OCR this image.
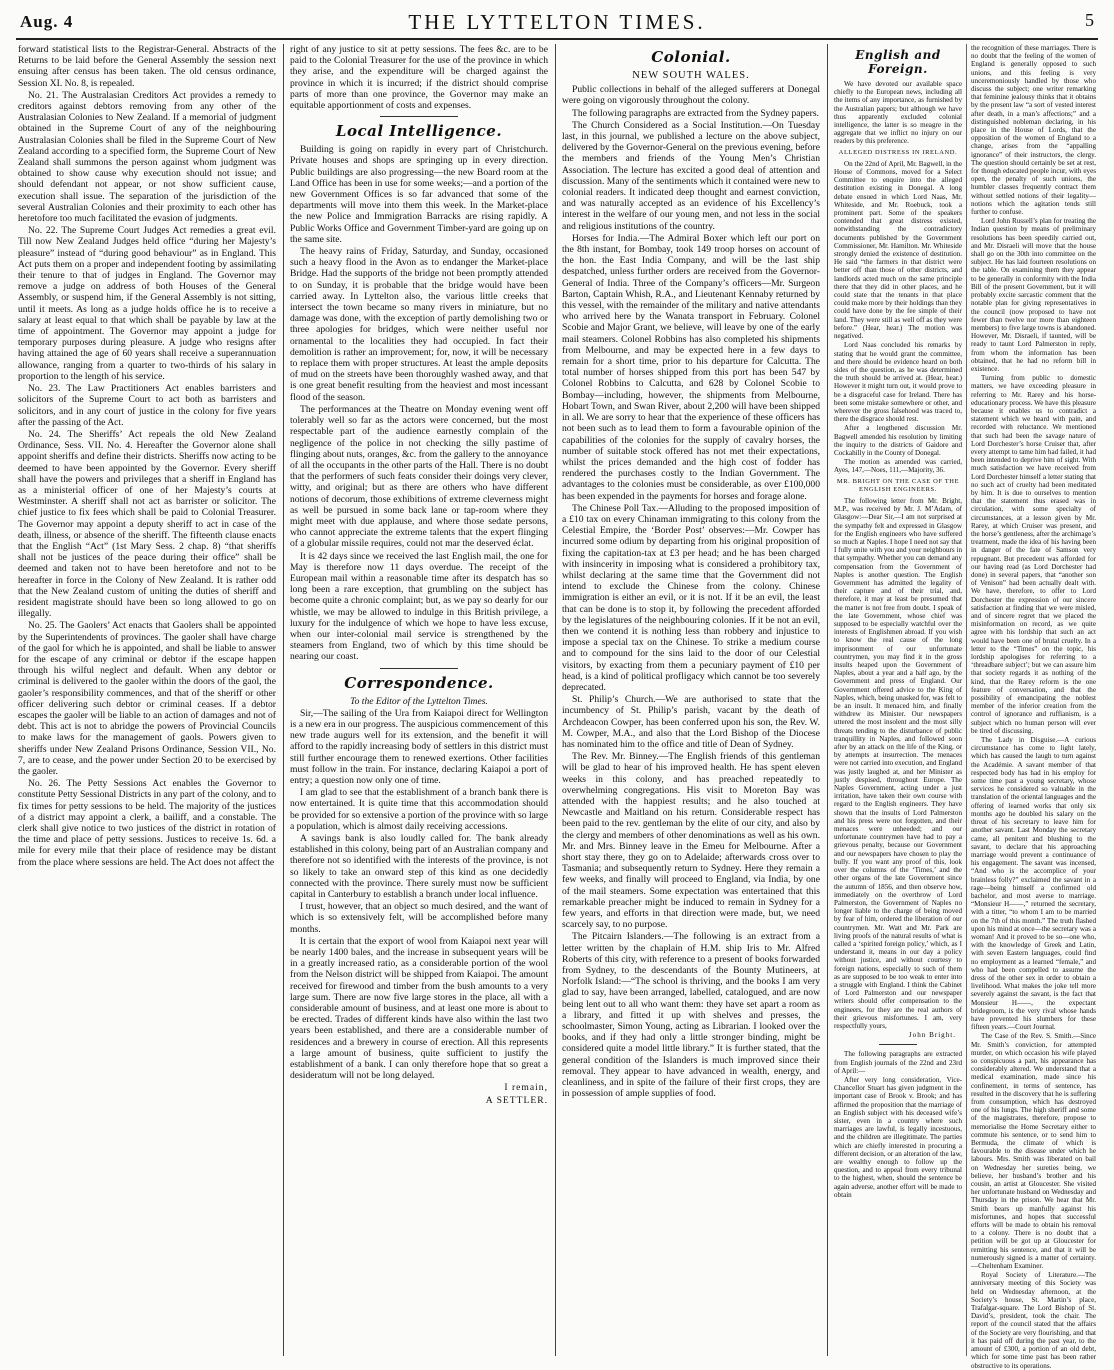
Aug. 4	THE LYTTELTON TIMES.	5

forward statistical lists to the Registrar-General. Abstracts of the Returns to be laid before the General Assembly the session next ensuing after census has been taken. The old census ordinance, Session XI. No. 8, is repealed.

No. 21. The Australasian Creditors Act provides a remedy to creditors against debtors removing from any other of the Australasian Colonies to New Zealand. If a memorial of judgment obtained in the Supreme Court of any of the neighbouring Australasian Colonies shall be filed in the Supreme Court of New Zealand according to a specified form, the Supreme Court of New Zealand shall summons the person against whom judgment was obtained to show cause why execution should not issue; and should defendant not appear, or not show sufficient cause, execution shall issue. The separation of the jurisdiction of the several Australian Colonies and their proximity to each other has heretofore too much facilitated the evasion of judgments.

No. 22. The Supreme Court Judges Act remedies a great evil. Till now New Zealand Judges held office “during her Majesty’s pleasure” instead of “during good behaviour” as in England. This Act puts them on a proper and independent footing by assimilating their tenure to that of judges in England. The Governor may remove a judge on address of both Houses of the General Assembly, or suspend him, if the General Assembly is not sitting, until it meets. As long as a judge holds office he is to receive a salary at least equal to that which shall be payable by law at the time of appointment. The Governor may appoint a judge for temporary purposes during pleasure. A judge who resigns after having attained the age of 60 years shall receive a superannuation allowance, ranging from a quarter to two-thirds of his salary in proportion to the length of his service.

No. 23. The Law Practitioners Act enables barristers and solicitors of the Supreme Court to act both as barristers and solicitors, and in any court of justice in the colony for five years after the passing of the Act.

No. 24. The Sheriffs’ Act repeals the old New Zealand Ordinance, Sess. VII. No. 4. Hereafter the Governor alone shall appoint sheriffs and define their districts. Sheriffs now acting to be deemed to have been appointed by the Governor. Every sheriff shall have the powers and privileges that a sheriff in England has as a ministerial officer of one of her Majesty’s courts at Westminster. A sheriff shall not act as barrister or solicitor. The chief justice to fix fees which shall be paid to Colonial Treasurer. The Governor may appoint a deputy sheriff to act in case of the death, illness, or absence of the sheriff. The fifteenth clause enacts that the English “Act” (1st Mary Sess. 2 chap. 8) “that sheriffs shall not be justices of the peace during their office” shall be deemed and taken not to have been heretofore and not to be hereafter in force in the Colony of New Zealand. It is rather odd that the New Zealand custom of uniting the duties of sheriff and resident magistrate should have been so long allowed to go on illegally.

No. 25. The Gaolers’ Act enacts that Gaolers shall be appointed by the Superintendents of provinces. The gaoler shall have charge of the gaol for which he is appointed, and shall be liable to answer for the escape of any criminal or debtor if the escape happen through his wilful neglect and default. When any debtor or criminal is delivered to the gaoler within the doors of the gaol, the gaoler’s responsibility commences, and that of the sheriff or other officer delivering such debtor or criminal ceases. If a debtor escapes the gaoler will be liable to an action of damages and not of debt. This act is not to abridge the powers of Provincial Councils to make laws for the management of gaols. Powers given to sheriffs under New Zealand Prisons Ordinance, Session VII., No. 7, are to cease, and the power under Section 20 to be exercised by the gaoler.

No. 26. The Petty Sessions Act enables the Governor to constitute Petty Sessional Districts in any part of the colony, and to fix times for petty sessions to be held. The majority of the justices of a district may appoint a clerk, a bailiff, and a constable. The clerk shall give notice to two justices of the district in rotation of the time and place of petty sessions. Justices to receive 1s. 6d. a mile for every mile that their place of residence may be distant from the place where sessions are held. The Act does not affect the

right of any justice to sit at petty sessions. The fees &c. are to be paid to the Colonial Treasurer for the use of the province in which they arise, and the expenditure will be charged against the province in which it is incurred; if the district should comprise parts of more than one province, the Governor may make an equitable apportionment of costs and expenses.

Local Intelligence.

Building is going on rapidly in every part of Christchurch. Private houses and shops are springing up in every direction. Public buildings are also progressing—the new Board room at the Land Office has been in use for some weeks;—and a portion of the new Government Offices is so far advanced that some of the departments will move into them this week. In the Market-place the new Police and Immigration Barracks are rising rapidly. A Public Works Office and Government Timber-yard are going up on the same site.

The heavy rains of Friday, Saturday, and Sunday, occasioned such a heavy flood in the Avon as to endanger the Market-place Bridge. Had the supports of the bridge not been promptly attended to on Sunday, it is probable that the bridge would have been carried away. In Lyttelton also, the various little creeks that intersect the town became so many rivers in miniature, but no damage was done, with the exception of partly demolishing two or three apologies for bridges, which were neither useful nor ornamental to the localities they had occupied. In fact their demolition is rather an improvement; for, now, it will be necessary to replace them with proper structures. At least the ample deposits of mud on the streets have been thoroughly washed away, and that is one great benefit resulting from the heaviest and most incessant flood of the season.

The performances at the Theatre on Monday evening went off tolerably well so far as the actors were concerned, but the most respectable part of the audience earnestly complain of the negligence of the police in not checking the silly pastime of flinging about nuts, oranges, &c. from the gallery to the annoyance of all the occupants in the other parts of the Hall. There is no doubt that the performers of such feats consider their doings very clever, witty, and original; but as there are others who have different notions of decorum, those exhibitions of extreme cleverness might as well be pursued in some back lane or tap-room where they might meet with due applause, and where those sedate persons, who cannot appreciate the extreme talents that the expert flinging of a globular missile requires, could not mar the deserved éclat.

It is 42 days since we received the last English mail, the one for May is therefore now 11 days overdue. The receipt of the European mail within a reasonable time after its despatch has so long been a rare exception, that grumbling on the subject has become quite a chronic complaint; but, as we pay so dearly for our whistle, we may be allowed to indulge in this British privilege, a luxury for the indulgence of which we hope to have less excuse, when our inter-colonial mail service is strengthened by the steamers from England, two of which by this time should be nearing our coast.

Correspondence.

To the Editor of the Lyttelton Times.

Sir,—The sailing of the Ura from Kaiapoi direct for Wellington is a new era in our progress. The auspicious commencement of this new trade augurs well for its extension, and the benefit it will afford to the rapidly increasing body of settlers in this district must still further encourage them to renewed exertions. Other facilities must follow in the train. For instance, declaring Kaiapoi a port of entry; a question now only one of time.

I am glad to see that the establishment of a branch bank there is now entertained. It is quite time that this accommodation should be provided for so extensive a portion of the province with so large a population, which is almost daily receiving accessions.

A savings bank is also loudly called for. The bank already established in this colony, being part of an Australian company and therefore not so identified with the interests of the province, is not so likely to take an onward step of this kind as one decidedly connected with the province. There surely must now be sufficient capital in Canterbury to establish a branch under local influence.

I trust, however, that an object so much desired, and the want of which is so extensively felt, will be accomplished before many months.

It is certain that the export of wool from Kaiapoi next year will be nearly 1400 bales, and the increase in subsequent years will be in a greatly increased ratio, as a considerable portion of the wool from the Nelson district will be shipped from Kaiapoi. The amount received for firewood and timber from the bush amounts to a very large sum. There are now five large stores in the place, all with a considerable amount of business, and at least one more is about to be erected. Trades of different kinds have also within the last two years been established, and there are a considerable number of residences and a brewery in course of erection. All this represents a large amount of business, quite sufficient to justify the establishment of a bank. I can only therefore hope that so great a desideratum will not be long delayed.

I remain,

A SETTLER.

Colonial.
NEW SOUTH WALES.

Public collections in behalf of the alleged sufferers at Donegal were going on vigorously throughout the colony.

The following paragraphs are extracted from the Sydney papers.

The Church Considered as a Social Institution.—On Tuesday last, in this journal, we published a lecture on the above subject, delivered by the Governor-General on the previous evening, before the members and friends of the Young Men’s Christian Association. The lecture has excited a good deal of attention and discussion. Many of the sentiments which it contained were new to colonial readers. It indicated deep thought and earnest conviction, and was naturally accepted as an evidence of his Excellency’s interest in the welfare of our young men, and not less in the social and religious institutions of the country.

Horses for India.—The Admiral Boxer which left our port on the 8th instant, for Bombay, took 149 troop horses on account of the hon. the East India Company, and will be the last ship despatched, unless further orders are received from the Governor-General of India. Three of the Company’s officers—Mr. Surgeon Barton, Captain Whish, R.A., and Lieutenant Kennaby returned by this vessel, with the remainder of the military and native attendants who arrived here by the Wanata transport in February. Colonel Scobie and Major Grant, we believe, will leave by one of the early mail steamers. Colonel Robbins has also completed his shipments from Melbourne, and may be expected here in a few days to remain for a short time, prior to his departure for Calcutta. The total number of horses shipped from this port has been 547 by Colonel Robbins to Calcutta, and 628 by Colonel Scobie to Bombay—including, however, the shipments from Melbourne, Hobart Town, and Swan River, about 2,200 will have been shipped in all. We are sorry to hear that the experience of these officers has not been such as to lead them to form a favourable opinion of the capabilities of the colonies for the supply of cavalry horses, the number of suitable stock offered has not met their expectations, whilst the prices demanded and the high cost of fodder has rendered the purchases costly to the Indian Government. The advantages to the colonies must be considerable, as over £100,000 has been expended in the payments for horses and forage alone.

The Chinese Poll Tax.—Alluding to the proposed imposition of a £10 tax on every Chinaman immigrating to this colony from the Celestial Empire, the ‘Border Post’ observes:—Mr. Cowper has incurred some odium by departing from his original proposition of fixing the capitation-tax at £3 per head; and he has been charged with insincerity in imposing what is considered a prohibitory tax, whilst declaring at the same time that the Government did not intend to exclude the Chinese from the colony. Chinese immigration is either an evil, or it is not. If it be an evil, the least that can be done is to stop it, by following the precedent afforded by the legislatures of the neighbouring colonies. If it be not an evil, then we contend it is nothing less than robbery and injustice to impose a special tax on the Chinese. To strike a medium course and to compound for the sins laid to the door of our Celestial visitors, by exacting from them a pecuniary payment of £10 per head, is a kind of political profligacy which cannot be too severely deprecated.

St. Philip’s Church.—We are authorised to state that the incumbency of St. Philip’s parish, vacant by the death of Archdeacon Cowper, has been conferred upon his son, the Rev. W. M. Cowper, M.A., and also that the Lord Bishop of the Diocese has nominated him to the office and title of Dean of Sydney.

The Rev. Mr. Binney.—The English friends of this gentleman will be glad to hear of his improved health. He has spent eleven weeks in this colony, and has preached repeatedly to overwhelming congregations. His visit to Moreton Bay was attended with the happiest results; and he also touched at Newcastle and Maitland on his return. Considerable respect has been paid to the rev. gentleman by the elite of our city, and also by the clergy and members of other denominations as well as his own. Mr. and Mrs. Binney leave in the Emeu for Melbourne. After a short stay there, they go on to Adelaide; afterwards cross over to Tasmania; and subsequently return to Sydney. Here they remain a few weeks, and finally will proceed to England, via India, by one of the mail steamers. Some expectation was entertained that this remarkable preacher might be induced to remain in Sydney for a few years, and efforts in that direction were made, but, we need scarcely say, to no purpose.

The Pitcairn Islanders.—The following is an extract from a letter written by the chaplain of H.M. ship Iris to Mr. Alfred Roberts of this city, with reference to a present of books forwarded from Sydney, to the descendants of the Bounty Mutineers, at Norfolk Island:—“The school is thriving, and the books I am very glad to say, have been arranged, labelled, catalogued, and are now being lent out to all who want them: they have set apart a room as a library, and fitted it up with shelves and presses, the schoolmaster, Simon Young, acting as Librarian. I looked over the books, and if they had only a little stronger binding, might be considered quite a model little library.” It is further stated, that the general condition of the Islanders is much improved since their removal. They appear to have advanced in wealth, energy, and cleanliness, and in spite of the failure of their first crops, they are in possession of ample supplies of food.

English and Foreign.

We have devoted our available space chiefly to the European news, including all the items of any importance, as furnished by the Australian papers; but although we have thus apparently excluded colonial intelligence, the latter is so meagre in the aggregate that we inflict no injury on our readers by this preference.

ALLEGED DISTRESS IN IRELAND.

On the 22nd of April, Mr. Bagwell, in the House of Commons, moved for a Select Committee to enquire into the alleged destitution existing in Donegal. A long debate ensued in which Lord Naas, Mr. Whiteside, and Mr. Roebuck, took a prominent part. Some of the speakers contended that great distress existed, notwithstanding the contradictory documents published by the Government Commissioner, Mr. Hamilton. Mr. Whiteside strongly denied the existence of destitution. He said “the farmers in that district were better off than those of other districts, and landlords acted much on the same principle there that they did in other places, and he could state that the tenants in that place could make more by their holdings than they could have done by the fee simple of their land. They were still as well off as they were before.” (Hear, hear.) The motion was negatived.

Lord Naas concluded his remarks by stating that he would grant the committee, and there should be evidence heard on both sides of the question, as he was determined the truth should be arrived at. (Hear, hear.) However it might turn out, it would prove to be a disgraceful case for Ireland. There has been some mistake somewhere or other, and wherever the gross falsehood was traced to, there the disgrace should rest.

After a lengthened discussion Mr. Bagwell amended his resolution by limiting the inquiry to the districts of Gaidore and Cockahilly in the County of Donegal.

The motion as amended was carried, Ayes, 147,—Noes, 111,—Majority, 36.

MR. BRIGHT ON THE CASE OF THE ENGLISH ENGINEERS.

The following letter from Mr. Bright, M.P., was received by Mr. J. M’Adam, of Glasgow:—Dear Sir,—I am not surprised at the sympathy felt and expressed in Glasgow for the English engineers who have suffered so much at Naples. I hope I need not say that I fully unite with you and your neighbours in that sympathy. Whether you can demand any compensation from the Government of Naples is another question. The English Government has admitted the legality of their capture and of their trial, and, therefore, it may at least be presumed that the matter is not free from doubt. I speak of the late Government, whose chief was supposed to be especially watchful over the interests of Englishmen abroad. If you wish to know the real cause of the long imprisonment of our unfortunate countrymen, you may find it in the gross insults heaped upon the Government of Naples, about a year and a half ago, by the Government and press of England. Our Government offered advice to the King of Naples, which, being unasked for, was felt to be an insult. It menaced him, and finally withdrew its Minister. Our newspapers uttered the most insolent and the most silly threats tending to the disturbance of public tranquillity in Naples, and followed soon after by an attack on the life of the King, or by attempts at insurrection. The menaces were not carried into execution, and England was justly laughed at, and her Minister as justly despised, throughout Europe. The Naples Government, acting under a just irritation, have taken their own course with regard to the English engineers. They have shown that the insults of Lord Palmerston and his press were not forgotten, and their menaces were unheeded; and our unfortunate countrymen have had to pay a grievous penalty, because our Government and our newspapers have chosen to play the bully. If you want any proof of this, look over the columns of the ‘Times,’ and the other organs of the late Government since the autumn of 1856, and then observe how, immediately on the overthrow of Lord Palmerston, the Government of Naples no longer liable to the charge of being moved by fear of him, ordered the liberation of our countrymen. Mr. Watt and Mr. Park are living proofs of the natural results of what is called a ‘spirited foreign policy,’ which, as I understand it, means in our day a policy without justice, and without courtesy to foreign nations, especially to such of them as are supposed to be too weak to enter into a struggle with England. I think the Cabinet of Lord Palmerston and our newspaper writers should offer compensation to the engineers, for they are the real authors of their grievous misfortunes. I am, very respectfully yours,

John Bright.

The following paragraphs are extracted from English journals of the 22nd and 23rd of April:—

After very long consideration, Vice-Chancellor Stuart has given judgment in the important case of Brook v. Brook; and has affirmed the proposition that the marriage of an English subject with his deceased wife’s sister, even in a country where such marriages are lawful, is legally incestuous, and the children are illegitimate. The parties which are chiefly interested in procuring a different decision, or an alteration of the law, are wealthy enough to follow up the question, and to appeal from every tribunal to the highest, when, should the sentence be again adverse, another effort will be made to obtain

the recognition of these marriages. There is no doubt that the feeling of the women of England is generally opposed to such unions, and this feeling is very unceremoniously handled by those who discuss the subject; one writer remarking that feminine jealousy thinks that it obtains by the present law “a sort of vested interest after death, in a man’s affections;” and a distinguished nobleman declaring, in his place in the House of Lords, that the opposition of the women of England to a change, arises from the “appalling ignorance” of their instructors, the clergy. The question should certainly be set at rest, for though educated people incur, with eyes open, the penalty of such unions, the humbler classes frequently contract them without settled notions of their legality—notions which the agitation tends still further to confuse.

Lord John Russell’s plan for treating the Indian question by means of preliminary resolutions has been speedily carried out, and Mr. Disraeli will move that the house shall go on the 30th into committee on the subject. He has laid fourteen resolutions on the table. On examining them they appear to be generally in conformity with the India Bill of the present Government, but it will probably excite sarcastic comment that the notable plan for giving representatives in the council (now proposed to have not fewer than twelve nor more than eighteen members) to five large towns is abandoned. However, Mr. Disraeli, if taunted, will be ready to taunt Lord Palmerston in reply, from whom the information has been obtained, that he had no reform bill in existence.

Turning from public to domestic matters, we have exceeding pleasure in referring to Mr. Rarey and his horse-educationary process. We have this pleasure because it enables us to contradict a statement which we heard with pain, and recorded with reluctance. We mentioned that such had been the savage nature of Lord Dorchester’s horse Cruiser that, after every attempt to tame him had failed, it had been intended to deprive him of sight. With much satisfaction we have received from Lord Dorchester himself a letter stating that no such act of cruelty had been meditated by him. It is due to ourselves to mention that the statement thus erased was in circulation, with some specialty of circumstances, at a lesson given by Mr. Rarey, at which Cruiser was present, and the horse’s gentleness, after the archimage’s treatment, made the idea of his having been in danger of the fate of Samson very repugnant. But precedent was afforded for our having read (as Lord Dorchester had done) in several papers, that “another son of Venison” had been actually dealt with. We have, therefore, to offer to Lord Dorchester the expression of our sincere satisfaction at finding that we were misled, and of sincere regret that we placed the misinformation on record, as we quite agree with his lordship that such an act would have been one of brutal cruelty. In a letter to the “Times” on the topic, his lordship apologises for referring to a ‘threadbare subject’; but we can assure him that society regards it as nothing of the kind, that the Rarey reform is the one feature of conversation, and that the possibility of emancipating the noblest member of the inferior creation from the control of ignorance and ruffianism, is a subject which no human person will ever be tired of discussing.

The Lady in Disguise.—A curious circumstance has come to light lately, which has caused the laugh to turn against the Académie. A savant member of that respected body has had in his employ for some time past a young secretary, whose services he considered so valuable in the translation of the oriental languages and the offering of learned works that only six months ago he doubled his salary on the threat of his secretary to leave him for another savant. Last Monday the secretary came, all penitent and blushing to the savant, to declare that his approaching marriage would prevent a continuance of his engagement. The savant was incensed, “And who is the accomplice of your brainless folly?” exclaimed the savant in a rage—being himself a confirmed old bachelor, and most averse to marriage. “Monsieur H——,” returned the secretary, with a titter, “to whom I am to be married on the 7th of this month.” The truth flashed upon his mind at once—the secretary was a woman! And it proved to be so—one who, with the knowledge of Greek and Latin, with seven Eastern languages, could find no employment as a learned “female,” and who had been compelled to assume the dress of the other sex in order to obtain a livelihood. What makes the joke tell more severely against the savant, is the fact that Monsieur H——, the expectant bridegroom, is the very rival whose hands have prevented his slumbers for these fifteen years.—Court Journal.

The Case of the Rev. S. Smith.—Since Mr. Smith’s conviction, for attempted murder, on which occasion his wife played so conspicuous a part, his appearance has considerably altered. We understand that a medical examination, made since his confinement, in terms of sentence, has resulted in the discovery that he is suffering from consumption, which has destroyed one of his lungs. The high sheriff and some of the magistrates, therefore, propose to memorialise the Home Secretary either to commute his sentence, or to send him to Bermuda, the climate of which is favourable to the disease under which he labours. Mrs. Smith was liberated on bail on Wednesday her sureties being, we believe, her husband’s brother and his cousin, an artist at Gloucester. She visited her unfortunate husband on Wednesday and Thursday in the prison. We hear that Mr. Smith bears up manfully against his misfortunes, and hopes that successful efforts will be made to obtain his removal to a colony. There is no doubt that a petition will be got up at Gloucester for remitting his sentence, and that it will be numerously signed is a matter of certainty.—Cheltenham Examiner.

Royal Society of Literature.—The anniversary meeting of this Society was held on Wednesday afternoon, at the Society’s house, St. Martin’s place, Trafalgar-square. The Lord Bishop of St. David’s, president, took the chair. The report of the council stated that the affairs of the Society are very flourishing, and that it has paid off during the past year, to the amount of £300, a portion of an old debt, which for some time past has been rather obstructive to its operations.
